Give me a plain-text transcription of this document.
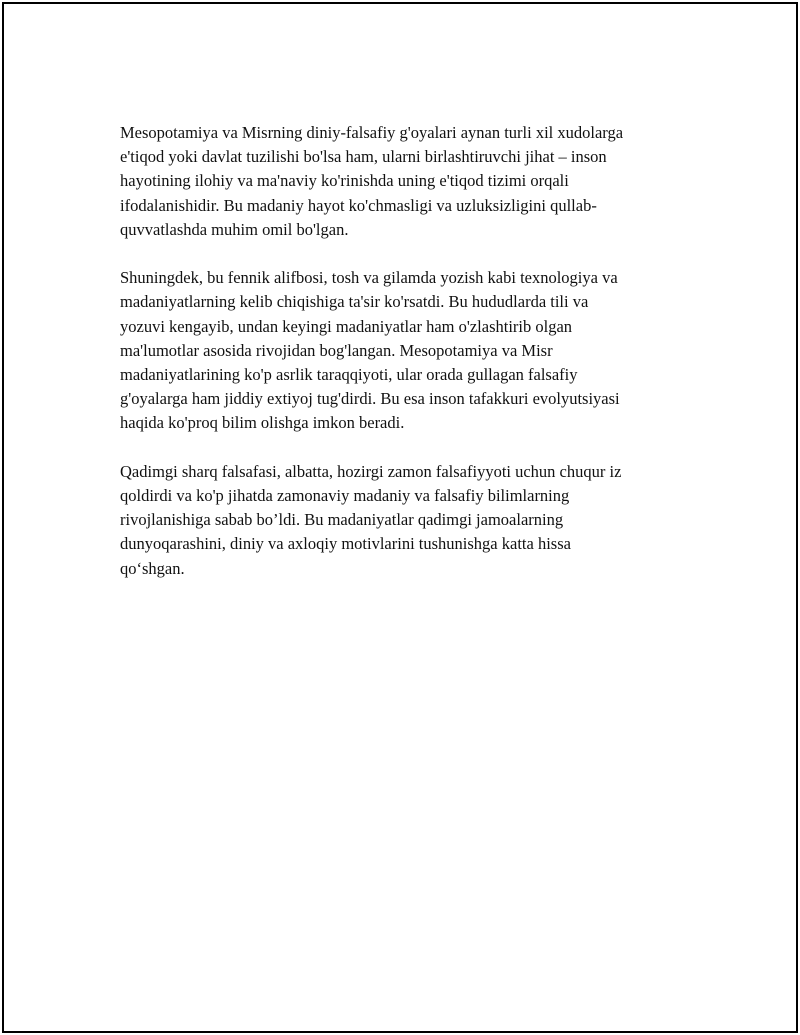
Mesopotamiya va Misrning diniy-falsafiy g'oyalari aynan turli xil xudolarga
e'tiqod yoki davlat tuzilishi bo'lsa ham, ularni birlashtiruvchi jihat – inson
hayotining ilohiy va ma'naviy ko'rinishda uning e'tiqod tizimi orqali
ifodalanishidir. Bu madaniy hayot ko'chmasligi va uzluksizligini qullab-
quvvatlashda muhim omil bo'lgan.

Shuningdek, bu fennik alifbosi, tosh va gilamda yozish kabi texnologiya va
madaniyatlarning kelib chiqishiga ta'sir ko'rsatdi. Bu hududlarda tili va
yozuvi kengayib, undan keyingi madaniyatlar ham o'zlashtirib olgan
ma'lumotlar asosida rivojidan bog'langan. Mesopotamiya va Misr
madaniyatlarining ko'p asrlik taraqqiyoti, ular orada gullagan falsafiy
g'oyalarga ham jiddiy extiyoj tug'dirdi. Bu esa inson tafakkuri evolyutsiyasi
haqida ko'proq bilim olishga imkon beradi.

Qadimgi sharq falsafasi, albatta, hozirgi zamon falsafiyyoti uchun chuqur iz
qoldirdi va ko'p jihatda zamonaviy madaniy va falsafiy bilimlarning
rivojlanishiga sabab bo’ldi. Bu madaniyatlar qadimgi jamoalarning
dunyoqarashini, diniy va axloqiy motivlarini tushunishga katta hissa
qo‘shgan.
